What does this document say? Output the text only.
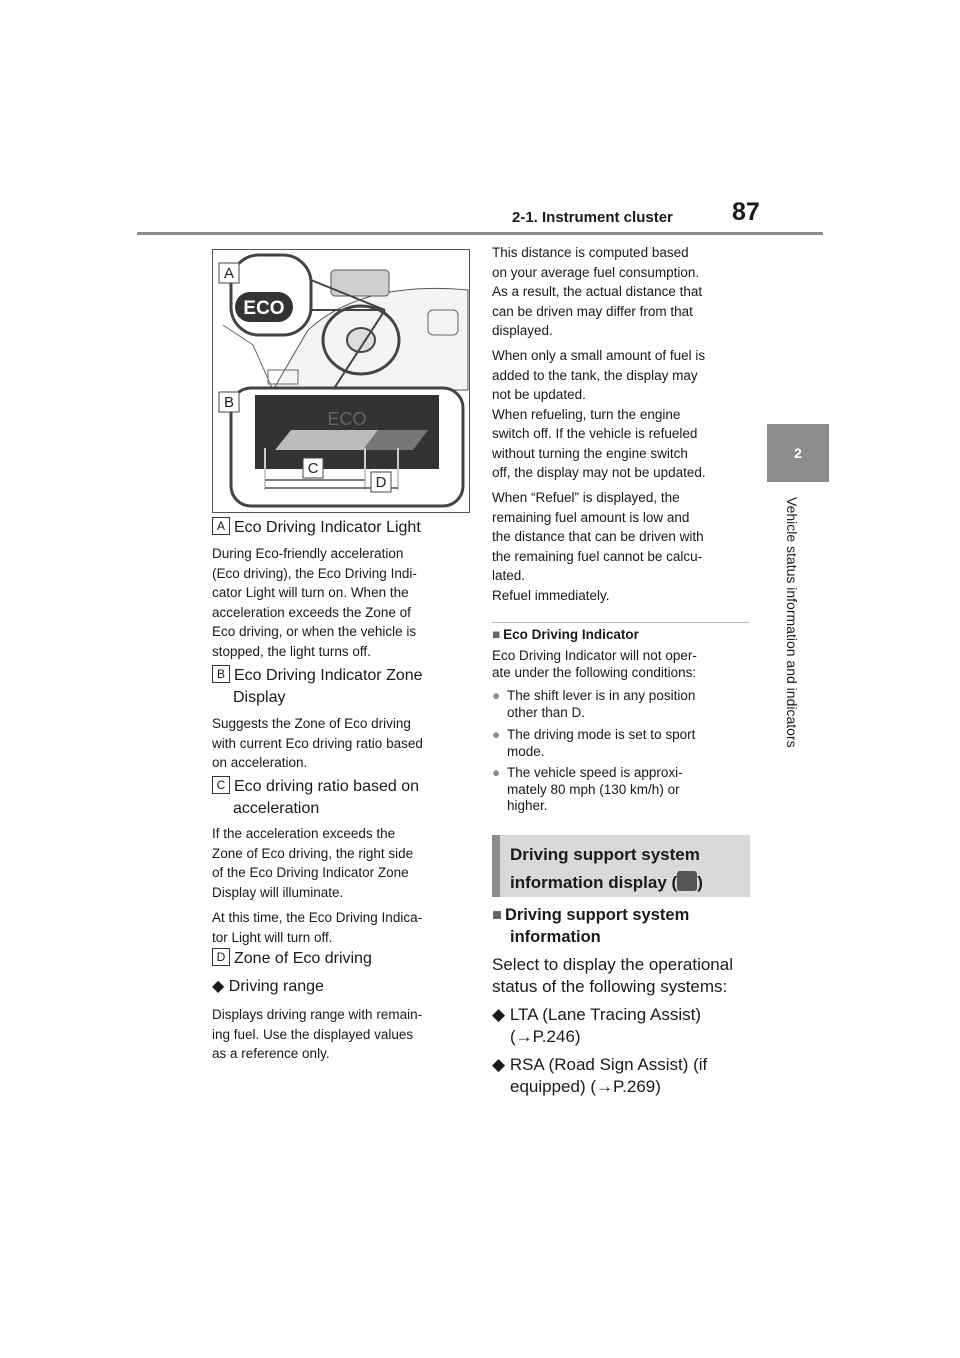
2-1. Instrument cluster 87
2
Vehicle status information and indicators
ECO
A
B
ECO
C
D
A Eco Driving Indicator Light
During Eco-friendly acceleration
(Eco driving), the Eco Driving Indi-
cator Light will turn on. When the
acceleration exceeds the Zone of
Eco driving, or when the vehicle is
stopped, the light turns off.
B Eco Driving Indicator Zone
Display
Suggests the Zone of Eco driving
with current Eco driving ratio based
on acceleration.
C Eco driving ratio based on
acceleration
If the acceleration exceeds the
Zone of Eco driving, the right side
of the Eco Driving Indicator Zone
Display will illuminate.
At this time, the Eco Driving Indica-
tor Light will turn off.
D Zone of Eco driving
◆ Driving range
Displays driving range with remain-
ing fuel. Use the displayed values
as a reference only.
This distance is computed based
on your average fuel consumption.
As a result, the actual distance that
can be driven may differ from that
displayed.
When only a small amount of fuel is
added to the tank, the display may
not be updated.
When refueling, turn the engine
switch off. If the vehicle is refueled
without turning the engine switch
off, the display may not be updated.
When “Refuel” is displayed, the
remaining fuel amount is low and
the distance that can be driven with
the remaining fuel cannot be calcu-
lated.
Refuel immediately.
■ Eco Driving Indicator
Eco Driving Indicator will not oper-
ate under the following conditions:
● The shift lever is in any position
other than D.
● The driving mode is set to sport
mode.
● The vehicle speed is approxi-
mately 80 mph (130 km/h) or
higher.
Driving support system
information display ( )
■ Driving support system
information
Select to display the operational
status of the following systems:
◆ LTA (Lane Tracing Assist)
(→P.246)
◆ RSA (Road Sign Assist) (if
equipped) (→P.269)
